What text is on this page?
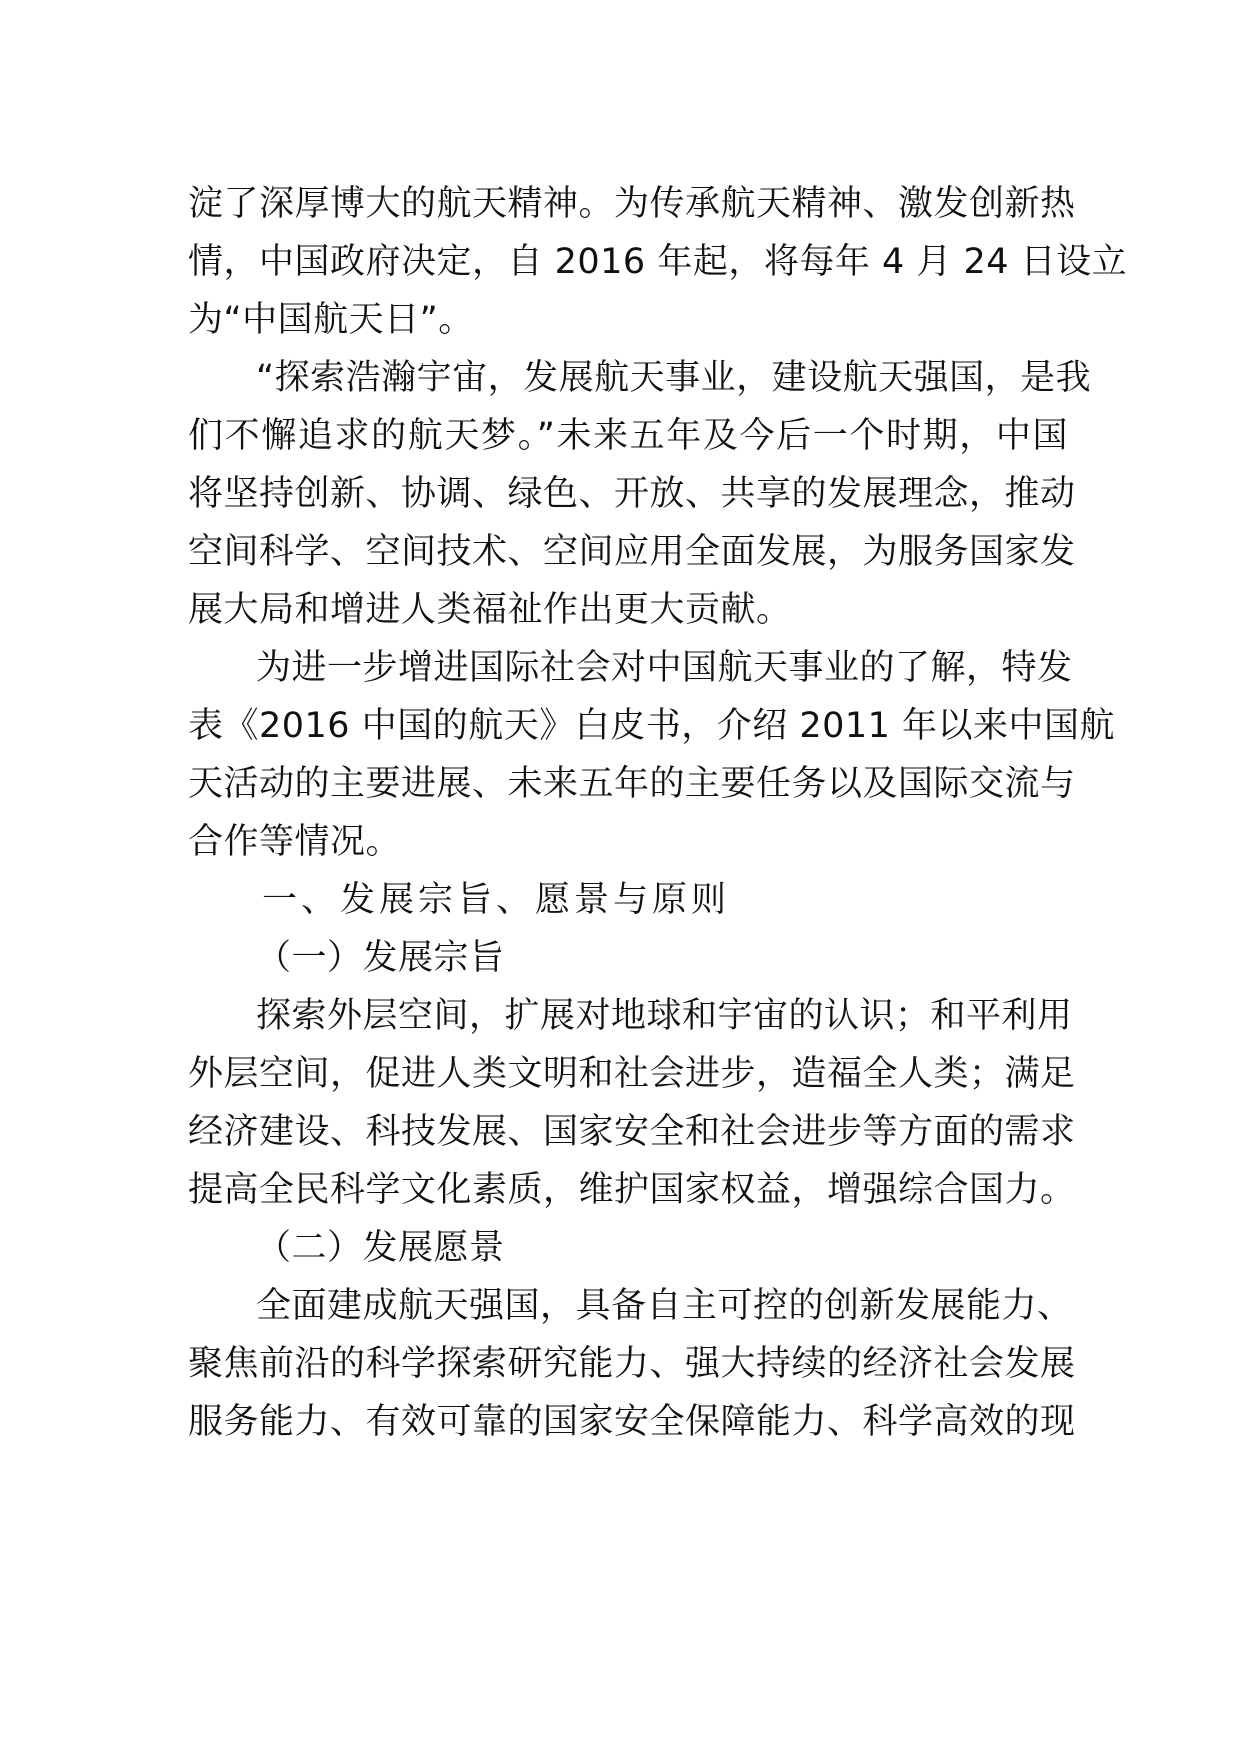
淀了深厚博大的航天精神。为传承航天精神、激发创新热
情，中国政府决定，自 2016 年起，将每年 4 月 24 日设立
为“中国航天日”。
“探索浩瀚宇宙，发展航天事业，建设航天强国，是我
们不懈追求的航天梦。”未来五年及今后一个时期，中国
将坚持创新、协调、绿色、开放、共享的发展理念，推动
空间科学、空间技术、空间应用全面发展，为服务国家发
展大局和增进人类福祉作出更大贡献。
为进一步增进国际社会对中国航天事业的了解，特发
表《2016 中国的航天》白皮书，介绍 2011 年以来中国航
天活动的主要进展、未来五年的主要任务以及国际交流与
合作等情况。
一、发展宗旨、愿景与原则
（一）发展宗旨
探索外层空间，扩展对地球和宇宙的认识；和平利用
外层空间，促进人类文明和社会进步，造福全人类；满足
经济建设、科技发展、国家安全和社会进步等方面的需求
提高全民科学文化素质，维护国家权益，增强综合国力。
（二）发展愿景
全面建成航天强国，具备自主可控的创新发展能力、
聚焦前沿的科学探索研究能力、强大持续的经济社会发展
服务能力、有效可靠的国家安全保障能力、科学高效的现
